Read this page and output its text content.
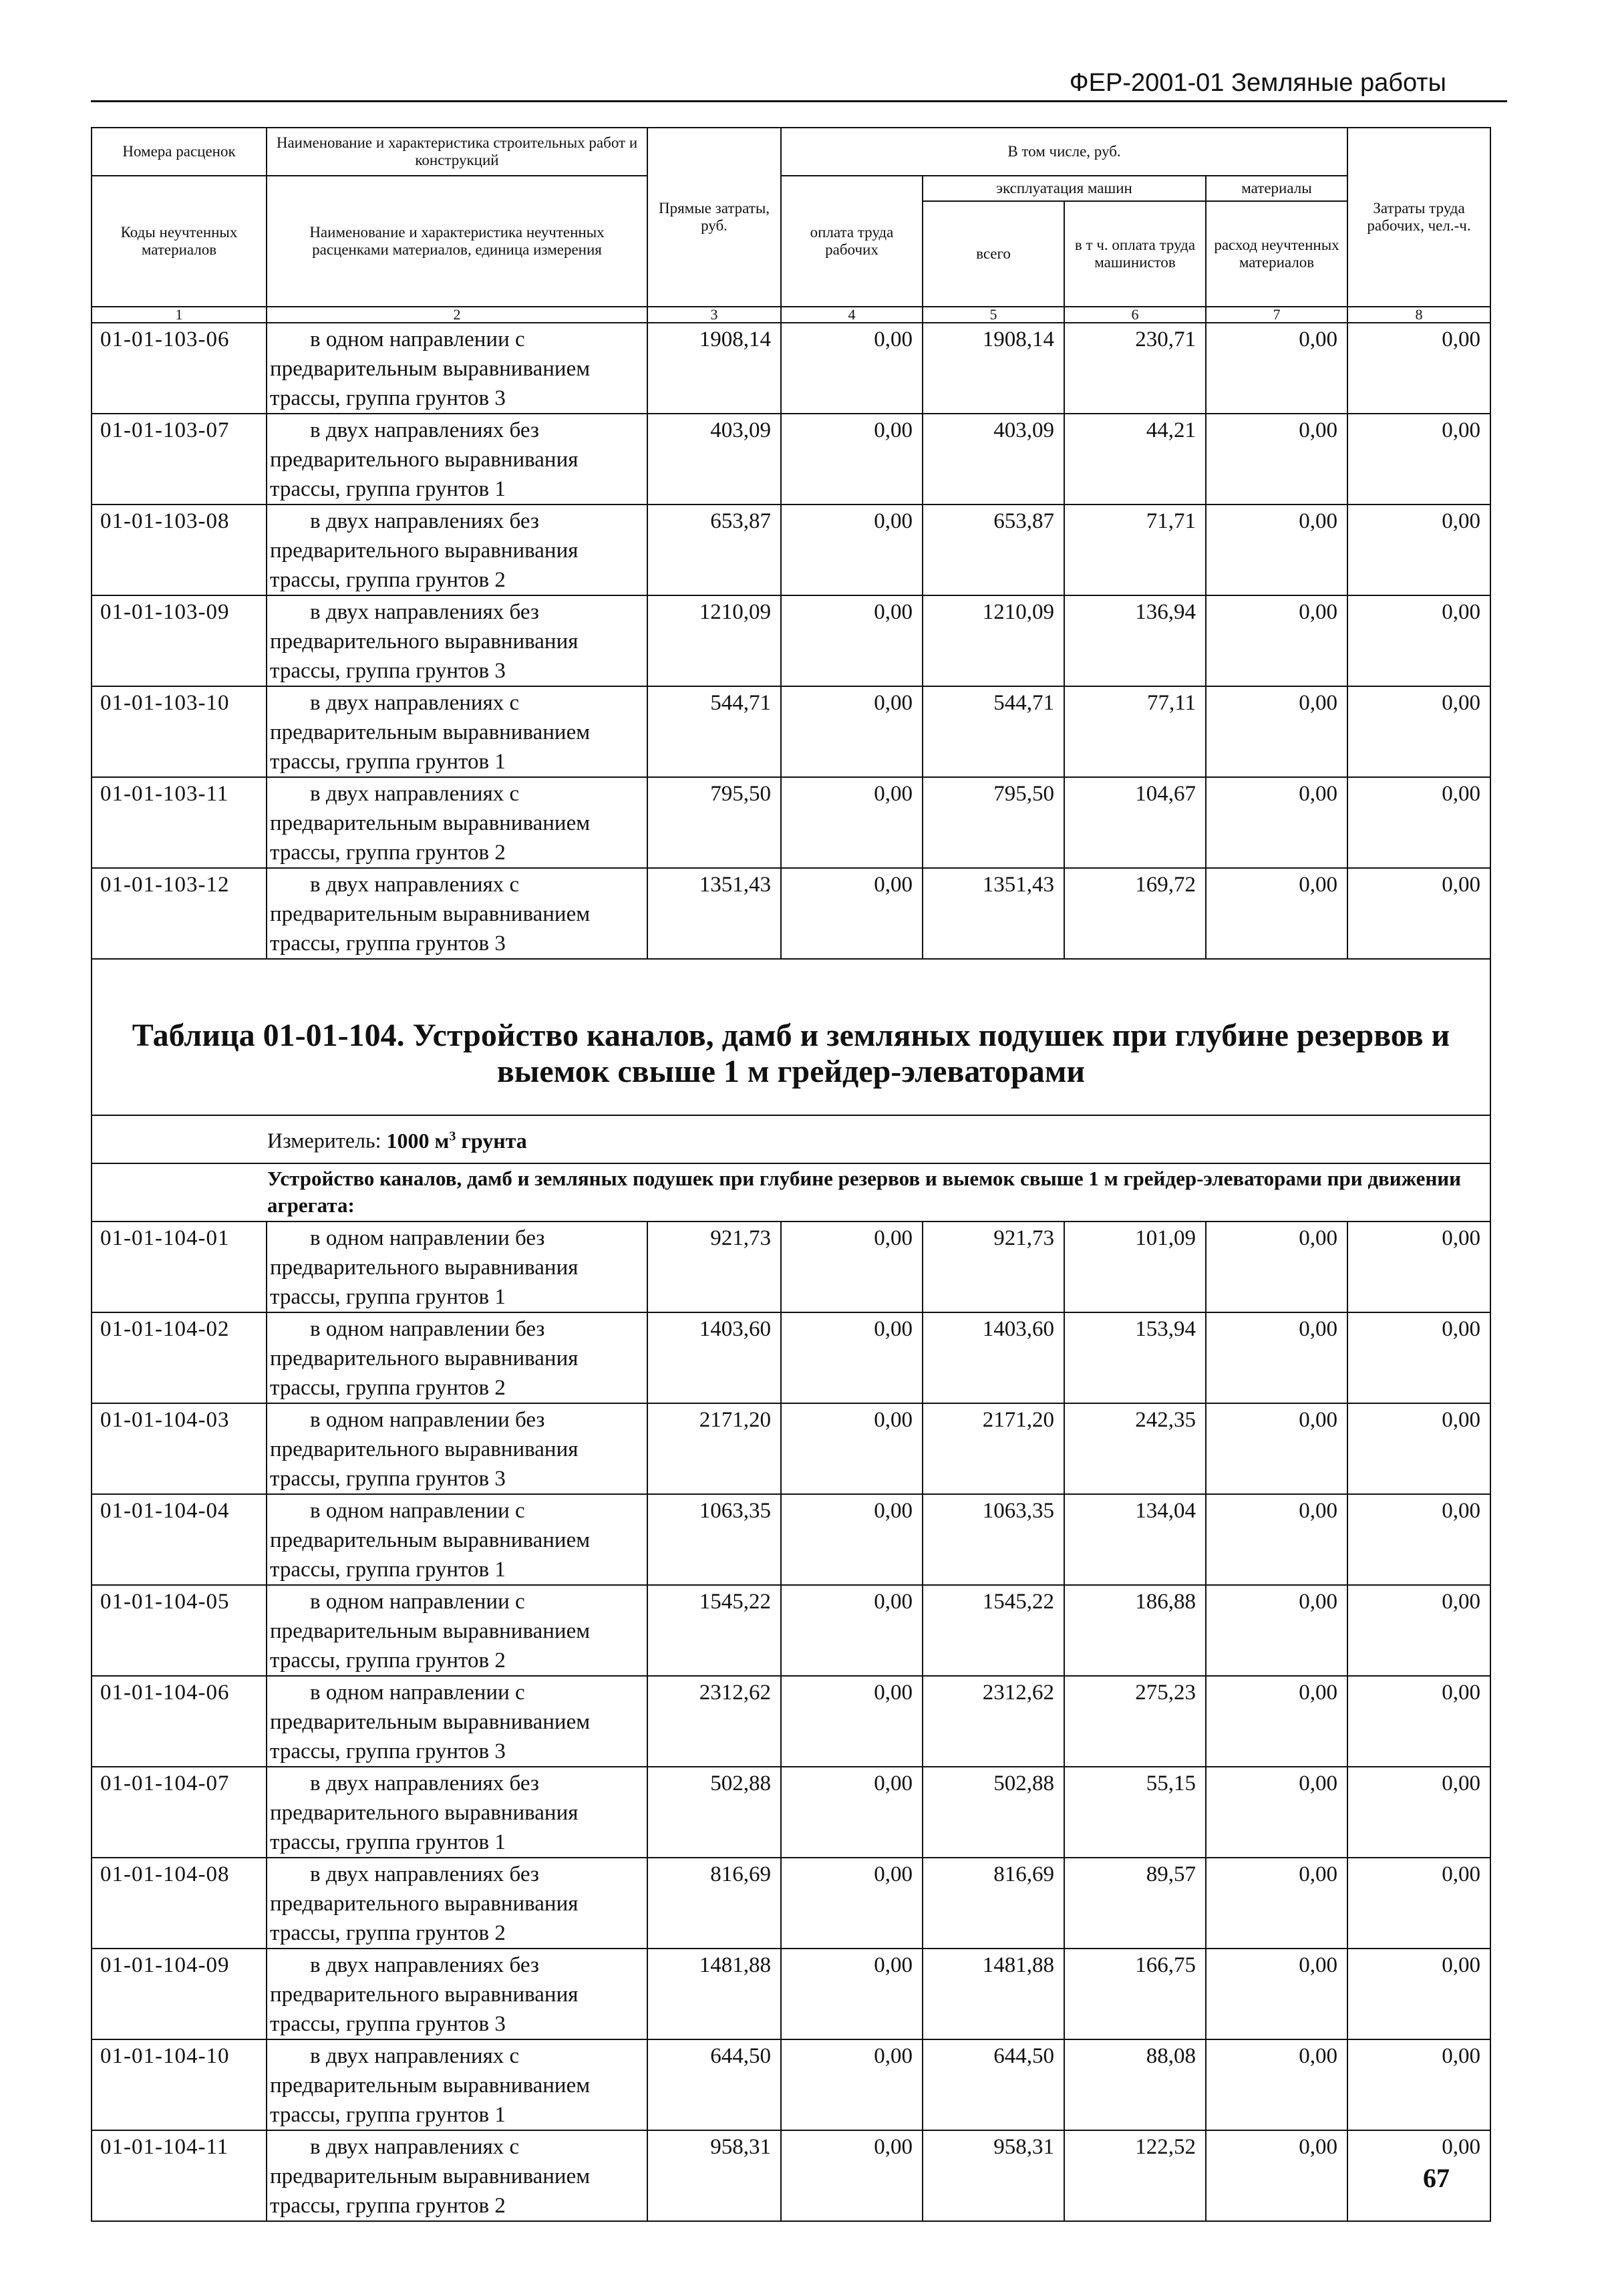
ФЕР-2001-01 Земляные работы
Номера расценок	Наименование и характеристика строительных работ и конструкций	Прямые затраты, руб.	В том числе, руб.				Затраты труда рабочих, чел.-ч.
Коды неучтенных материалов	Наименование и характеристика неучтенных расценками материалов, единица измерения		оплата труда рабочих	эксплуатация машин		материалы	
				всего	в т ч. оплата труда машинистов	расход неучтенных материалов	
1	2	3	4	5	6	7	8
01-01-103-06	в одном направлении с
предварительным выравниванием
трассы, группа грунтов 3	1908,14	0,00	1908,14	230,71	0,00	0,00
01-01-103-07	в двух направлениях без
предварительного выравнивания
трассы, группа грунтов 1	403,09	0,00	403,09	44,21	0,00	0,00
01-01-103-08	в двух направлениях без
предварительного выравнивания
трассы, группа грунтов 2	653,87	0,00	653,87	71,71	0,00	0,00
01-01-103-09	в двух направлениях без
предварительного выравнивания
трассы, группа грунтов 3	1210,09	0,00	1210,09	136,94	0,00	0,00
01-01-103-10	в двух направлениях с
предварительным выравниванием
трассы, группа грунтов 1	544,71	0,00	544,71	77,11	0,00	0,00
01-01-103-11	в двух направлениях с
предварительным выравниванием
трассы, группа грунтов 2	795,50	0,00	795,50	104,67	0,00	0,00
01-01-103-12	в двух направлениях с
предварительным выравниванием
трассы, группа грунтов 3	1351,43	0,00	1351,43	169,72	0,00	0,00

Таблица 01-01-104. Устройство каналов, дамб и земляных подушек при глубине резервов и
выемок свыше 1 м грейдер-элеваторами							

Измеритель: 1000 $м^3$ грунта							

Устройство каналов, дамб и земляных подушек при глубине резервов и выемок свыше 1 м грейдер-элеваторами при движении агрегата:							

01-01-104-01	в одном направлении без
предварительного выравнивания
трассы, группа грунтов 1	921,73	0,00	921,73	101,09	0,00	0,00
01-01-104-02	в одном направлении без
предварительного выравнивания
трассы, группа грунтов 2	1403,60	0,00	1403,60	153,94	0,00	0,00
01-01-104-03	в одном направлении без
предварительного выравнивания
трассы, группа грунтов 3	2171,20	0,00	2171,20	242,35	0,00	0,00
01-01-104-04	в одном направлении с
предварительным выравниванием
трассы, группа грунтов 1	1063,35	0,00	1063,35	134,04	0,00	0,00
01-01-104-05	в одном направлении с
предварительным выравниванием
трассы, группа грунтов 2	1545,22	0,00	1545,22	186,88	0,00	0,00
01-01-104-06	в одном направлении с
предварительным выравниванием
трассы, группа грунтов 3	2312,62	0,00	2312,62	275,23	0,00	0,00
01-01-104-07	в двух направлениях без
предварительного выравнивания
трассы, группа грунтов 1	502,88	0,00	502,88	55,15	0,00	0,00
01-01-104-08	в двух направлениях без
предварительного выравнивания
трассы, группа грунтов 2	816,69	0,00	816,69	89,57	0,00	0,00
01-01-104-09	в двух направлениях без
предварительного выравнивания
трассы, группа грунтов 3	1481,88	0,00	1481,88	166,75	0,00	0,00
01-01-104-10	в двух направлениях с
предварительным выравниванием
трассы, группа грунтов 1	644,50	0,00	644,50	88,08	0,00	0,00
01-01-104-11	в двух направлениях с
предварительным выравниванием
трассы, группа грунтов 2	958,31	0,00	958,31	122,52	0,00	0,00
67
